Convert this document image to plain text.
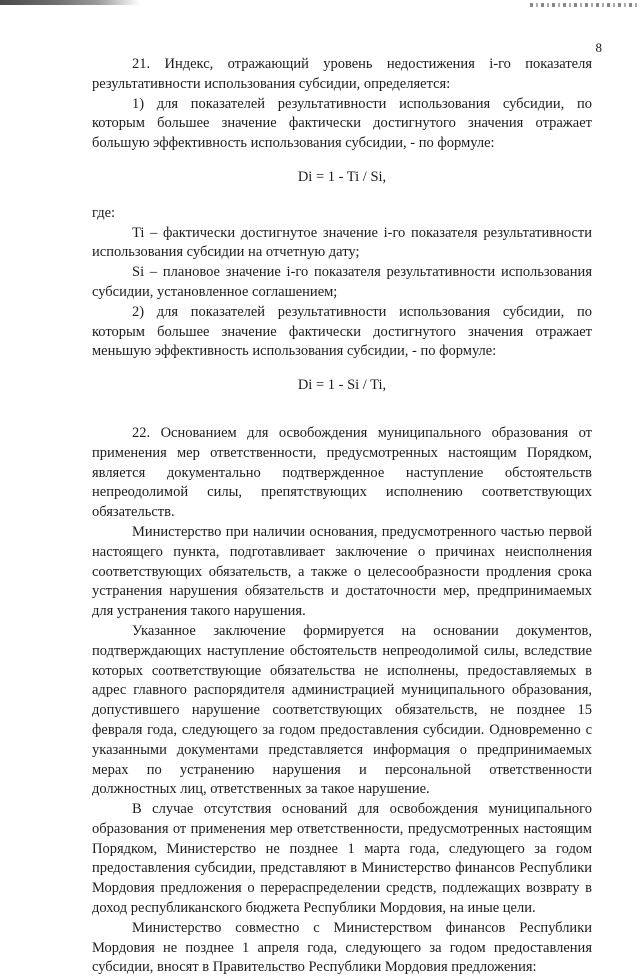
8

21. Индекс, отражающий уровень недостижения i-го показателя результативности использования субсидии, определяется:

1) для показателей результативности использования субсидии, по которым большее значение фактически достигнутого значения отражает большую эффективность использования субсидии, - по формуле:

Di = 1 - Ti / Si,

где:

Ti – фактически достигнутое значение i-го показателя результативности использования субсидии на отчетную дату;

Si – плановое значение i-го показателя результативности использования субсидии, установленное соглашением;

2) для показателей результативности использования субсидии, по которым большее значение фактически достигнутого значения отражает меньшую эффективность использования субсидии, - по формуле:

Di = 1 - Si / Ti,

22. Основанием для освобождения муниципального образования от применения мер ответственности, предусмотренных настоящим Порядком, является документально подтвержденное наступление обстоятельств непреодолимой силы, препятствующих исполнению соответствующих обязательств.

Министерство при наличии основания, предусмотренного частью первой настоящего пункта, подготавливает заключение о причинах неисполнения соответствующих обязательств, а также о целесообразности продления срока устранения нарушения обязательств и достаточности мер, предпринимаемых для устранения такого нарушения.

Указанное заключение формируется на основании документов, подтверждающих наступление обстоятельств непреодолимой силы, вследствие которых соответствующие обязательства не исполнены, предоставляемых в адрес главного распорядителя администрацией муниципального образования, допустившего нарушение соответствующих обязательств, не позднее 15 февраля года, следующего за годом предоставления субсидии. Одновременно с указанными документами представляется информация о предпринимаемых мерах по устранению нарушения и персональной ответственности должностных лиц, ответственных за такое нарушение.

В случае отсутствия оснований для освобождения муниципального образования от применения мер ответственности, предусмотренных настоящим Порядком, Министерство не позднее 1 марта года, следующего за годом предоставления субсидии, представляют в Министерство финансов Республики Мордовия предложения о перераспределении средств, подлежащих возврату в доход республиканского бюджета Республики Мордовия, на иные цели.

Министерство совместно с Министерством финансов Республики Мордовия не позднее 1 апреля года, следующего за годом предоставления субсидии, вносят в Правительство Республики Мордовия предложения:
